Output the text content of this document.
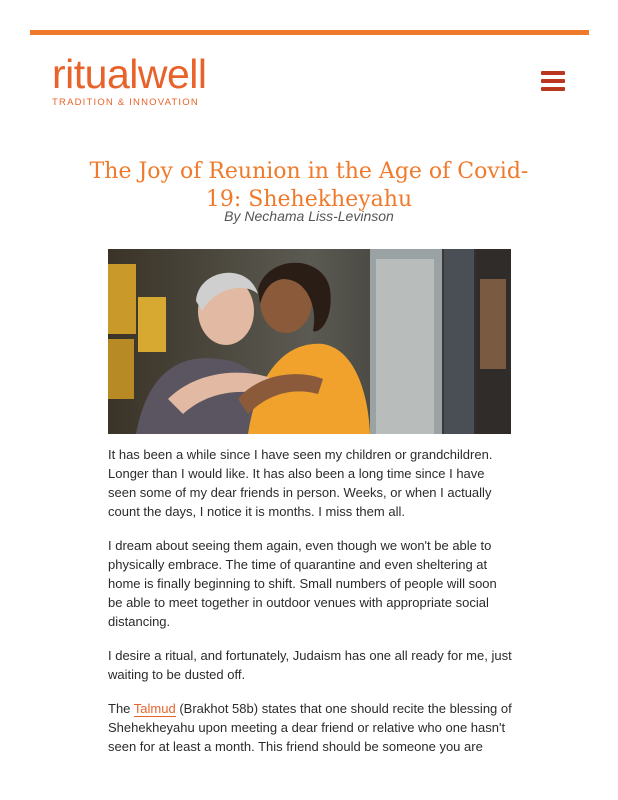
ritualwell
TRADITION & INNOVATION
The Joy of Reunion in the Age of Covid-19: Shehekheyahu
By Nechama Liss-Levinson

It has been a while since I have seen my children or grandchildren. Longer than I would like. It has also been a long time since I have seen some of my dear friends in person. Weeks, or when I actually count the days, I notice it is months. I miss them all.

I dream about seeing them again, even though we won't be able to physically embrace. The time of quarantine and even sheltering at home is finally beginning to shift. Small numbers of people will soon be able to meet together in outdoor venues with appropriate social distancing.

I desire a ritual, and fortunately, Judaism has one all ready for me, just waiting to be dusted off.

The Talmud (Brakhot 58b) states that one should recite the blessing of Shehekheyahu upon meeting a dear friend or relative who one hasn't seen for at least a month. This friend should be someone you are
